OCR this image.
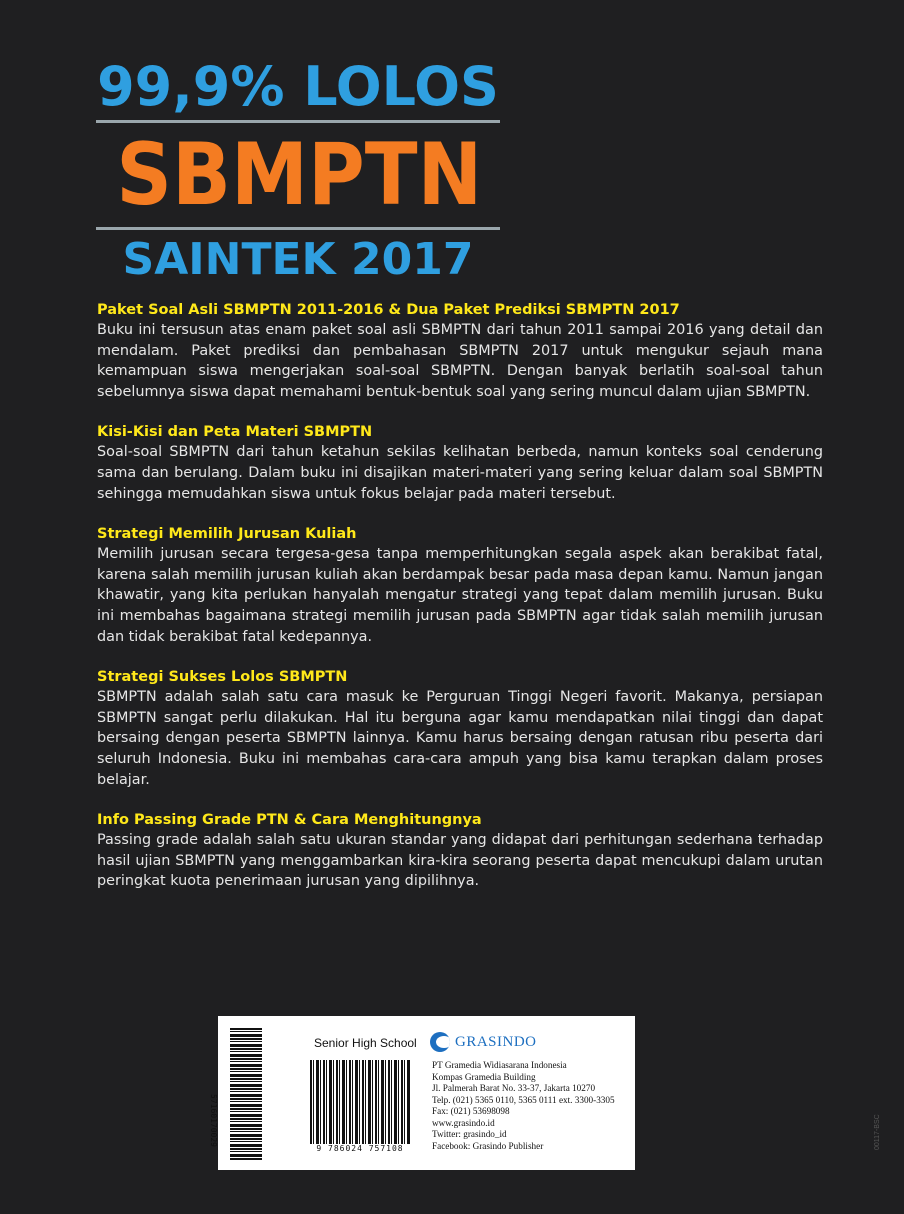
99,9% LOLOS
SBMPTN
SAINTEK 2017
Paket Soal Asli SBMPTN 2011-2016 & Dua Paket Prediksi SBMPTN 2017
Buku ini tersusun atas enam paket soal asli SBMPTN dari tahun 2011 sampai 2016 yang detail dan mendalam. Paket prediksi dan pembahasan SBMPTN 2017 untuk mengukur sejauh mana kemampuan siswa mengerjakan soal-soal SBMPTN. Dengan banyak berlatih soal-soal tahun sebelumnya siswa dapat memahami bentuk-bentuk soal yang sering muncul dalam ujian SBMPTN.
Kisi-Kisi dan Peta Materi SBMPTN
Soal-soal SBMPTN dari tahun ketahun sekilas kelihatan berbeda, namun konteks soal cenderung sama dan berulang. Dalam buku ini disajikan materi-materi yang sering keluar dalam soal SBMPTN sehingga memudahkan siswa untuk fokus belajar pada materi tersebut.
Strategi Memilih Jurusan Kuliah
Memilih jurusan secara tergesa-gesa tanpa memperhitungkan segala aspek akan berakibat fatal, karena salah memilih jurusan kuliah akan berdampak besar pada masa depan kamu. Namun jangan khawatir, yang kita perlukan hanyalah mengatur strategi yang tepat dalam memilih jurusan. Buku ini membahas bagaimana strategi memilih jurusan pada SBMPTN agar tidak salah memilih jurusan dan tidak berakibat fatal kedepannya.
Strategi Sukses Lolos SBMPTN
SBMPTN adalah salah satu cara masuk ke Perguruan Tinggi Negeri favorit. Makanya, persiapan SBMPTN sangat perlu dilakukan. Hal itu berguna agar kamu mendapatkan nilai tinggi dan dapat bersaing dengan peserta SBMPTN lainnya. Kamu harus bersaing dengan ratusan ribu peserta dari seluruh Indonesia. Buku ini membahas cara-cara ampuh yang bisa kamu terapkan dalam proses belajar.
Info Passing Grade PTN & Cara Menghitungnya
Passing grade adalah salah satu ukuran standar yang didapat dari perhitungan sederhana terhadap hasil ujian SBMPTN yang menggambarkan kira-kira seorang peserta dapat mencukupi dalam urutan peringkat kuota penerimaan jurusan yang dipilihnya.
57160170029
Senior High School
9 786024 757108
GRASINDO
PT Gramedia Widiasarana Indonesia
Kompas Gramedia Building
Jl. Palmerah Barat No. 33-37, Jakarta 10270
Telp. (021) 5365 0110, 5365 0111 ext. 3300-3305
Fax: (021) 53698098
www.grasindo.id
Twitter: grasindo_id
Facebook: Grasindo Publisher	00117-BSC
